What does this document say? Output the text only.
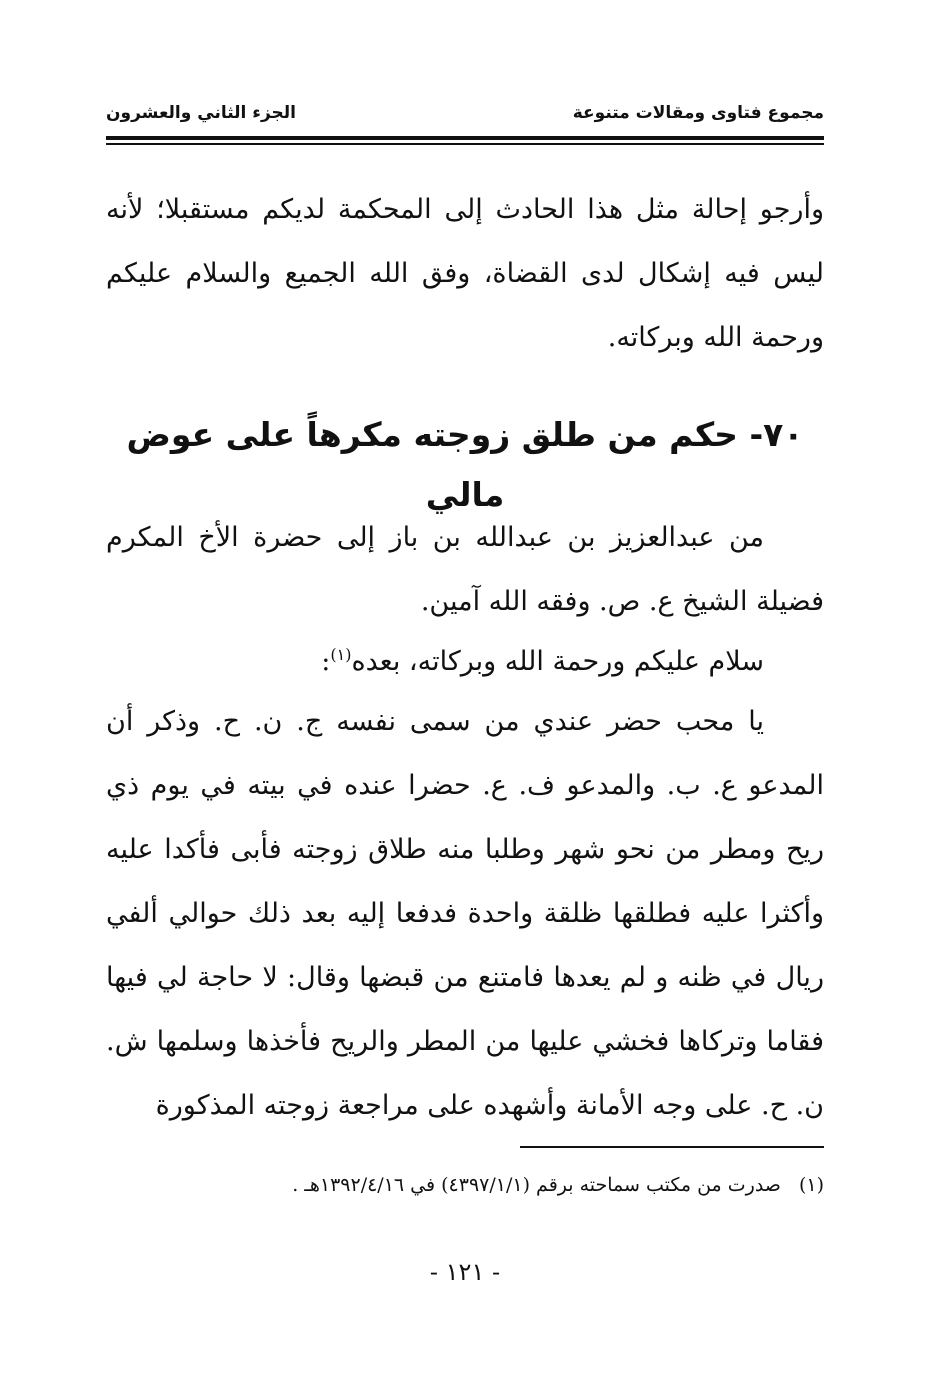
مجموع فتاوى ومقالات متنوعة
الجزء الثاني والعشرون

وأرجو إحالة مثل هذا الحادث إلى المحكمة لديكم مستقبلا؛ لأنه ليس فيه إشكال لدى القضاة، وفق الله الجميع والسلام عليكم ورحمة الله وبركاته.

٧٠- حكم من طلق زوجته مكرهاً على عوض مالي

من عبدالعزيز بن عبدالله بن باز إلى حضرة الأخ المكرم فضيلة الشيخ ع. ص. وفقه الله آمين.

سلام عليكم ورحمة الله وبركاته، بعده$^{(١)}$:

يا محب حضر عندي من سمى نفسه ج. ن. ح. وذكر أن المدعو ع. ب. والمدعو ف. ع. حضرا عنده في بيته في يوم ذي ريح ومطر من نحو شهر وطلبا منه طلاق زوجته فأبى فأكدا عليه وأكثرا عليه فطلقها ظلقة واحدة فدفعا إليه بعد ذلك حوالي ألفي ريال في ظنه و لم يعدها فامتنع من قبضها وقال: لا حاجة لي فيها فقاما وتركاها فخشي عليها من المطر والريح فأخذها وسلمها ش. ن. ح. على وجه الأمانة وأشهده على مراجعة زوجته المذكورة

(١)صدرت من مكتب سماحته برقم (٤٣٩٧/١/١) في ١٣٩٢/٤/١٦هـ .

- ١٢١ -
